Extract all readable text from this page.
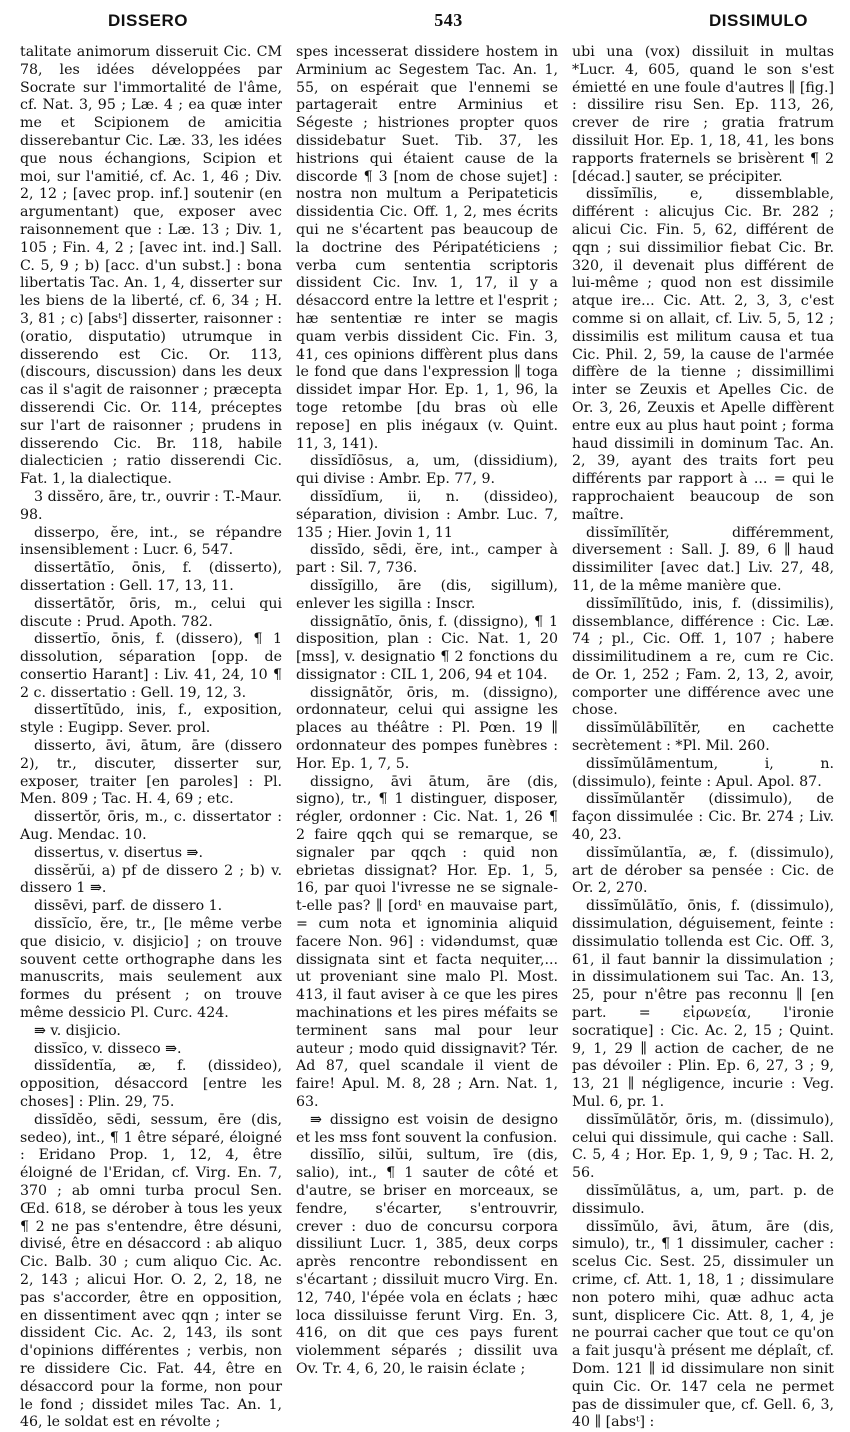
DISSERO	543	DISSIMULO

talitate animorum disseruit Cic. CM 78, les idées développées par Socrate sur l'immortalité de l'âme, cf. Nat. 3, 95 ; Læ. 4 ; ea quæ inter me et Scipionem de amicitia disserebantur Cic. Læ. 33, les idées que nous échangions, Scipion et moi, sur l'amitié, cf. Ac. 1, 46 ; Div. 2, 12 ; [avec prop. inf.] soutenir (en argumentant) que, exposer avec raisonnement que : Læ. 13 ; Div. 1, 105 ; Fin. 4, 2 ; [avec int. ind.] Sall. C. 5, 9 ; b) [acc. d'un subst.] : bona libertatis Tac. An. 1, 4, disserter sur les biens de la liberté, cf. 6, 34 ; H. 3, 81 ; c) [absᵗ] disserter, raisonner : (oratio, disputatio) utrumque in disserendo est Cic. Or. 113, (discours, discussion) dans les deux cas il s'agit de raisonner ; præcepta disserendi Cic. Or. 114, préceptes sur l'art de raisonner ; prudens in disserendo Cic. Br. 118, habile dialecticien ; ratio disserendi Cic. Fat. 1, la dialectique.

3 dissĕro, āre, tr., ouvrir : T.-Maur. 98.

disserpo, ĕre, int., se répandre insensiblement : Lucr. 6, 547.

dissertātĭo, ōnis, f. (disserto), dissertation : Gell. 17, 13, 11.

dissertātŏr, ōris, m., celui qui discute : Prud. Apoth. 782.

dissertĭo, ōnis, f. (dissero), ¶ 1 dissolution, séparation [opp. de consertio Harant] : Liv. 41, 24, 10 ¶ 2 c. dissertatio : Gell. 19, 12, 3.

dissertĭtūdo, inis, f., exposition, style : Eugipp. Sever. prol.

disserto, āvi, ātum, āre (dissero 2), tr., discuter, disserter sur, exposer, traiter [en paroles] : Pl. Men. 809 ; Tac. H. 4, 69 ; etc.

dissertŏr, ōris, m., c. dissertator : Aug. Mendac. 10.

dissertus, v. disertus ⇛.

dissĕrŭi, a) pf de dissero 2 ; b) v. dissero 1 ⇛.

dissēvi, parf. de dissero 1.

dissĭcĭo, ĕre, tr., [le même verbe que disicio, v. disjicio] ; on trouve souvent cette orthographe dans les manuscrits, mais seulement aux formes du présent ; on trouve même dessicio Pl. Curc. 424.

⇛ v. disjicio.

dissĭco, v. disseco ⇛.

dissĭdentĭa, æ, f. (dissideo), opposition, désaccord [entre les choses] : Plin. 29, 75.

dissĭdĕo, sēdi, sessum, ēre (dis, sedeo), int., ¶ 1 être séparé, éloigné : Eridano Prop. 1, 12, 4, être éloigné de l'Eridan, cf. Virg. En. 7, 370 ; ab omni turba procul Sen. Œd. 618, se dérober à tous les yeux ¶ 2 ne pas s'entendre, être désuni, divisé, être en désaccord : ab aliquo Cic. Balb. 30 ; cum aliquo Cic. Ac. 2, 143 ; alicui Hor. O. 2, 2, 18, ne pas s'accorder, être en opposition, en dissentiment avec qqn ; inter se dissident Cic. Ac. 2, 143, ils sont d'opinions différentes ; verbis, non re dissidere Cic. Fat. 44, être en désaccord pour la forme, non pour le fond ; dissidet miles Tac. An. 1, 46, le soldat est en révolte ;

spes incesserat dissidere hostem in Arminium ac Segestem Tac. An. 1, 55, on espérait que l'ennemi se partagerait entre Arminius et Ségeste ; histriones propter quos dissidebatur Suet. Tib. 37, les histrions qui étaient cause de la discorde ¶ 3 [nom de chose sujet] : nostra non multum a Peripateticis dissidentia Cic. Off. 1, 2, mes écrits qui ne s'écartent pas beaucoup de la doctrine des Péripatéticiens ; verba cum sententia scriptoris dissident Cic. Inv. 1, 17, il y a désaccord entre la lettre et l'esprit ; hæ sententiæ re inter se magis quam verbis dissident Cic. Fin. 3, 41, ces opinions diffèrent plus dans le fond que dans l'expression ∥ toga dissidet impar Hor. Ep. 1, 1, 96, la toge retombe [du bras où elle repose] en plis inégaux (v. Quint. 11, 3, 141).

dissĭdĭōsus, a, um, (dissidium), qui divise : Ambr. Ep. 77, 9.

dissĭdĭum, ii, n. (dissideo), séparation, division : Ambr. Luc. 7, 135 ; Hier. Jovin 1, 11

dissīdo, sēdi, ĕre, int., camper à part : Sil. 7, 736.

dissĭgillo, āre (dis, sigillum), enlever les sigilla : Inscr.

dissignātĭo, ōnis, f. (dissigno), ¶ 1 disposition, plan : Cic. Nat. 1, 20 [mss], v. designatio ¶ 2 fonctions du dissignator : CIL 1, 206, 94 et 104.

dissignātŏr, ōris, m. (dissigno), ordonnateur, celui qui assigne les places au théâtre : Pl. Pœn. 19 ∥ ordonnateur des pompes funèbres : Hor. Ep. 1, 7, 5.

dissigno, āvi ātum, āre (dis, signo), tr., ¶ 1 distinguer, disposer, régler, ordonner : Cic. Nat. 1, 26 ¶ 2 faire qqch qui se remarque, se signaler par qqch : quid non ebrietas dissignat? Hor. Ep. 1, 5, 16, par quoi l'ivresse ne se signale-t-elle pas? ∥ [ordᵗ en mauvaise part, = cum nota et ignominia aliquid facere Non. 96] : vidəndumst, quæ dissignata sint et facta nequiter,... ut proveniant sine malo Pl. Most. 413, il faut aviser à ce que les pires machinations et les pires méfaits se terminent sans mal pour leur auteur ; modo quid dissignavit? Tér. Ad 87, quel scandale il vient de faire! Apul. M. 8, 28 ; Arn. Nat. 1, 63.

⇛ dissigno est voisin de designo et les mss font souvent la confusion.

dissĭlĭo, silŭi, sultum, īre (dis, salio), int., ¶ 1 sauter de côté et d'autre, se briser en morceaux, se fendre, s'écarter, s'entrouvrir, crever : duo de concursu corpora dissiliunt Lucr. 1, 385, deux corps après rencontre rebondissent en s'écartant ; dissiluit mucro Virg. En. 12, 740, l'épée vola en éclats ; hæc loca dissiluisse ferunt Virg. En. 3, 416, on dit que ces pays furent violemment séparés ; dissilit uva Ov. Tr. 4, 6, 20, le raisin éclate ;

ubi una (vox) dissiluit in multas *Lucr. 4, 605, quand le son s'est émietté en une foule d'autres ∥ [fig.] : dissilire risu Sen. Ep. 113, 26, crever de rire ; gratia fratrum dissiluit Hor. Ep. 1, 18, 41, les bons rapports fraternels se brisèrent ¶ 2 [décad.] sauter, se précipiter.

dissĭmĭlis, e, dissemblable, différent : alicujus Cic. Br. 282 ; alicui Cic. Fin. 5, 62, différent de qqn ; sui dissimilior fiebat Cic. Br. 320, il devenait plus différent de lui-même ; quod non est dissimile atque ire... Cic. Att. 2, 3, 3, c'est comme si on allait, cf. Liv. 5, 5, 12 ; dissimilis est militum causa et tua Cic. Phil. 2, 59, la cause de l'armée diffère de la tienne ; dissimillimi inter se Zeuxis et Apelles Cic. de Or. 3, 26, Zeuxis et Apelle diffèrent entre eux au plus haut point ; forma haud dissimili in dominum Tac. An. 2, 39, ayant des traits fort peu différents par rapport à ... = qui le rapprochaient beaucoup de son maître.

dissĭmĭlĭtĕr, différemment, diversement : Sall. J. 89, 6 ∥ haud dissimiliter [avec dat.] Liv. 27, 48, 11, de la même manière que.

dissĭmĭlĭtūdo, inis, f. (dissimilis), dissemblance, différence : Cic. Læ. 74 ; pl., Cic. Off. 1, 107 ; habere dissimilitudinem a re, cum re Cic. de Or. 1, 252 ; Fam. 2, 13, 2, avoir, comporter une différence avec une chose.

dissĭmŭlābĭlĭtĕr, en cachette secrètement : *Pl. Mil. 260.

dissĭmŭlāmentum, i, n. (dissimulo), feinte : Apul. Apol. 87.

dissĭmŭlantĕr (dissimulo), de façon dissimulée : Cic. Br. 274 ; Liv. 40, 23.

dissĭmŭlantĭa, æ, f. (dissimulo), art de dérober sa pensée : Cic. de Or. 2, 270.

dissĭmŭlātĭo, ōnis, f. (dissimulo), dissimulation, déguisement, feinte : dissimulatio tollenda est Cic. Off. 3, 61, il faut bannir la dissimulation ; in dissimulationem sui Tac. An. 13, 25, pour n'être pas reconnu ∥ [en part. = εἰρωνεία, l'ironie socratique] : Cic. Ac. 2, 15 ; Quint. 9, 1, 29 ∥ action de cacher, de ne pas dévoiler : Plin. Ep. 6, 27, 3 ; 9, 13, 21 ∥ négligence, incurie : Veg. Mul. 6, pr. 1.

dissĭmŭlātŏr, ōris, m. (dissimulo), celui qui dissimule, qui cache : Sall. C. 5, 4 ; Hor. Ep. 1, 9, 9 ; Tac. H. 2, 56.

dissĭmŭlātus, a, um, part. p. de dissimulo.

dissĭmŭlo, āvi, ātum, āre (dis, simulo), tr., ¶ 1 dissimuler, cacher : scelus Cic. Sest. 25, dissimuler un crime, cf. Att. 1, 18, 1 ; dissimulare non potero mihi, quæ adhuc acta sunt, displicere Cic. Att. 8, 1, 4, je ne pourrai cacher que tout ce qu'on a fait jusqu'à présent me déplaît, cf. Dom. 121 ∥ id dissimulare non sinit quin Cic. Or. 147 cela ne permet pas de dissimuler que, cf. Gell. 6, 3, 40 ∥ [absᵗ] :
